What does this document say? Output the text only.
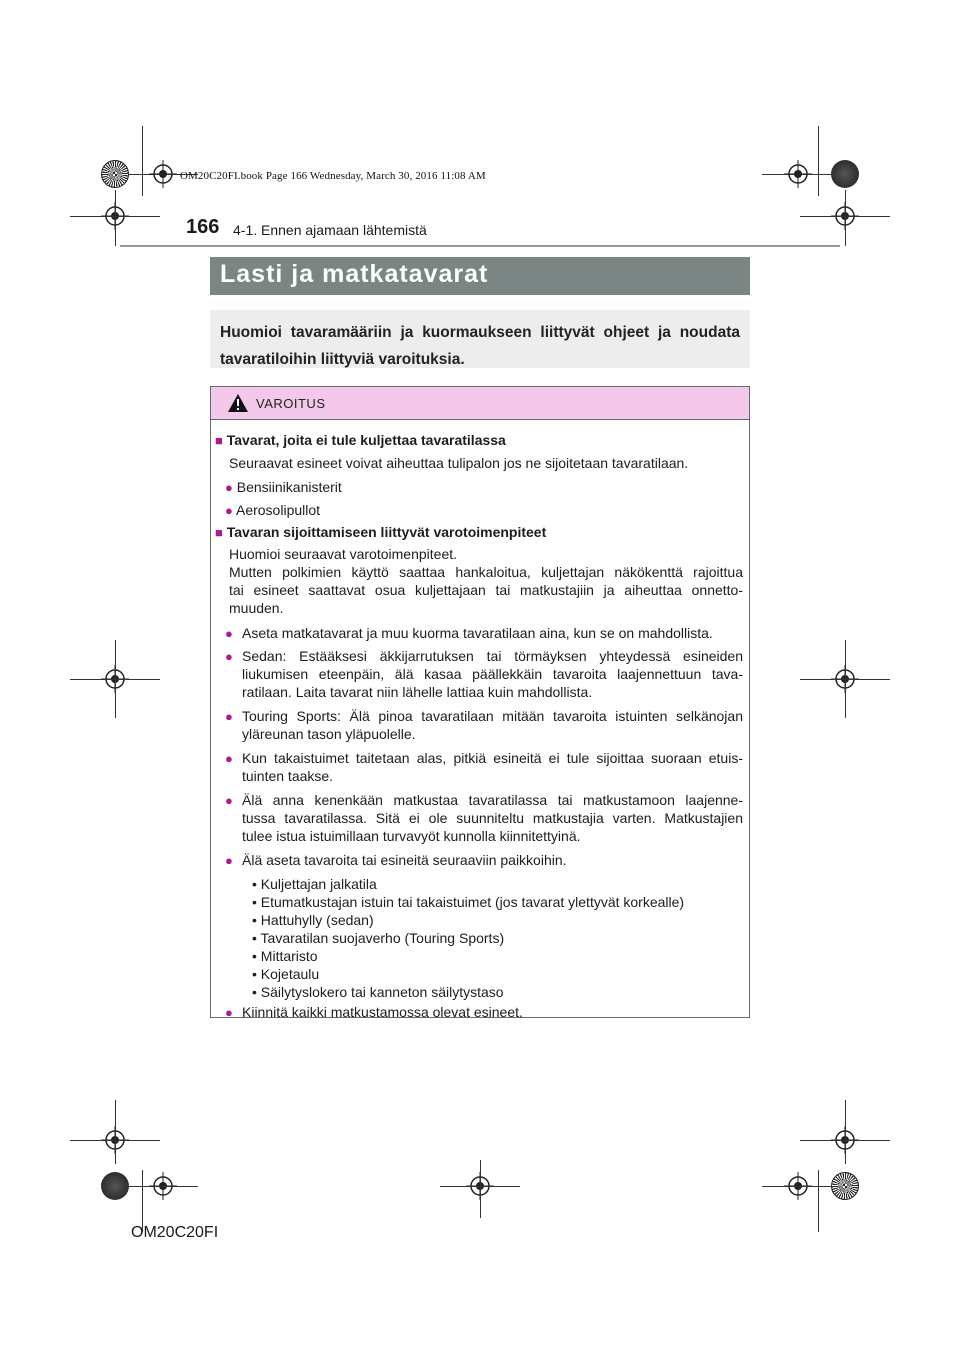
OM20C20FI.book Page 166 Wednesday, March 30, 2016 11:08 AM
166 4-1. Ennen ajamaan lähtemistä
Lasti ja matkatavarat
Huomioi tavaramääriin ja kuormaukseen liittyvät ohjeet ja noudata
tavaratiloihin liittyviä varoituksia.
VAROITUS
■ Tavarat, joita ei tule kuljettaa tavaratilassa
Seuraavat esineet voivat aiheuttaa tulipalon jos ne sijoitetaan tavaratilaan.
● Bensiinikanisterit
● Aerosolipullot
■ Tavaran sijoittamiseen liittyvät varotoimenpiteet
Huomioi seuraavat varotoimenpiteet.
Mutten polkimien käyttö saattaa hankaloitua, kuljettajan näkökenttä rajoittua
tai esineet saattavat osua kuljettajaan tai matkustajiin ja aiheuttaa onnetto-
muuden.
● Aseta matkatavarat ja muu kuorma tavaratilaan aina, kun se on mahdollista.
● Sedan: Estääksesi äkkijarrutuksen tai törmäyksen yhteydessä esineiden
liukumisen eteenpäin, älä kasaa päällekkäin tavaroita laajennettuun tava-
ratilaan. Laita tavarat niin lähelle lattiaa kuin mahdollista.
● Touring Sports: Älä pinoa tavaratilaan mitään tavaroita istuinten selkänojan
yläreunan tason yläpuolelle.
● Kun takaistuimet taitetaan alas, pitkiä esineitä ei tule sijoittaa suoraan etuis-
tuinten taakse.
● Älä anna kenenkään matkustaa tavaratilassa tai matkustamoon laajenne-
tussa tavaratilassa. Sitä ei ole suunniteltu matkustajia varten. Matkustajien
tulee istua istuimillaan turvavyöt kunnolla kiinnitettyinä.
● Älä aseta tavaroita tai esineitä seuraaviin paikkoihin.
• Kuljettajan jalkatila
• Etumatkustajan istuin tai takaistuimet (jos tavarat ylettyvät korkealle)
• Hattuhylly (sedan)
• Tavaratilan suojaverho (Touring Sports)
• Mittaristo
• Kojetaulu
• Säilytyslokero tai kanneton säilytystaso
● Kiinnitä kaikki matkustamossa olevat esineet.
OM20C20FI
